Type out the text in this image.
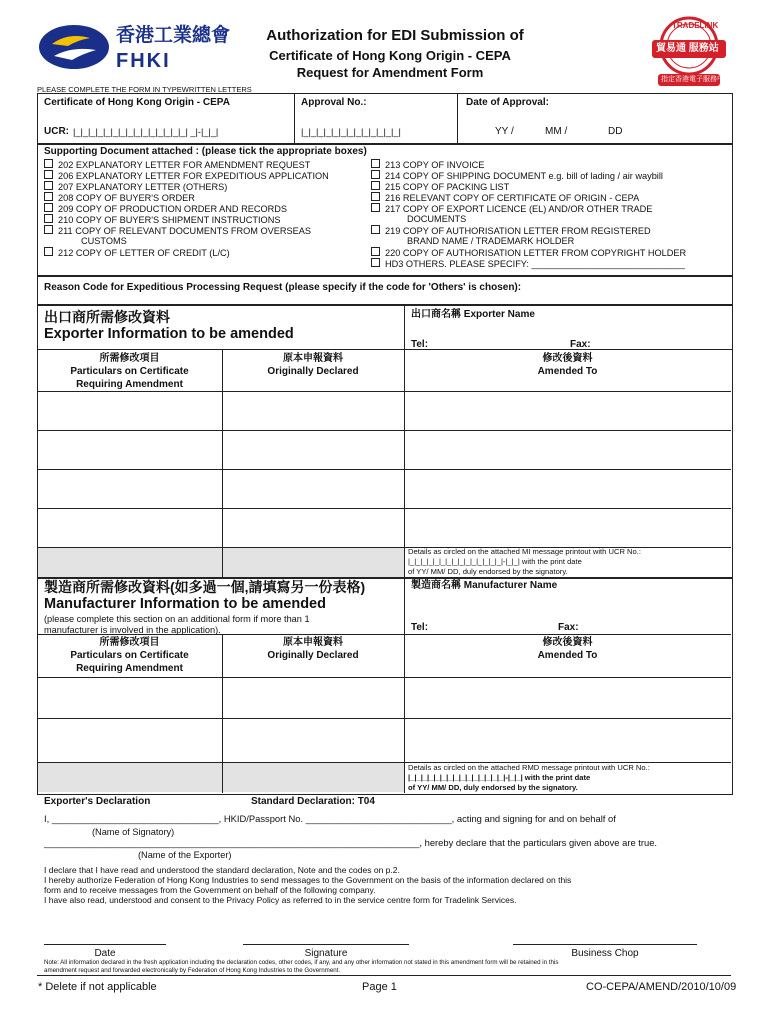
香港工業總會
FHKI
Authorization for EDI Submission of
Certificate of Hong Kong Origin - CEPA
Request for Amendment Form
TRADELINK
貿易通 服務站
指定香港電子服務中心
PLEASE COMPLETE THE FORM IN TYPEWRITTEN LETTERS
Certificate of Hong Kong Origin - CEPA	Approval No.:	Date of Approval:
UCR: |_|_|_|_|_|_|_|_|_|_|_|_|_|_|_| _|-|_|_|	|_|_|_|_|_|_|_|_|_|_|_|_|_|	YY /	MM /	DD
Supporting Document attached : (please tick the appropriate boxes)
202 EXPLANATORY LETTER FOR AMENDMENT REQUEST
206 EXPLANATORY LETTER FOR EXPEDITIOUS APPLICATION
207 EXPLANATORY LETTER (OTHERS)
208 COPY OF BUYER'S ORDER
209 COPY OF PRODUCTION ORDER AND RECORDS
210 COPY OF BUYER'S SHIPMENT INSTRUCTIONS
211 COPY OF RELEVANT DOCUMENTS FROM OVERSEAS
CUSTOMS
212 COPY OF LETTER OF CREDIT (L/C)
213 COPY OF INVOICE
214 COPY OF SHIPPING DOCUMENT e.g. bill of lading / air waybill
215 COPY OF PACKING LIST
216 RELEVANT COPY OF CERTIFICATE OF ORIGIN - CEPA
217 COPY OF EXPORT LICENCE (EL) AND/OR OTHER TRADE
DOCUMENTS
219 COPY OF AUTHORISATION LETTER FROM REGISTERED
BRAND NAME / TRADEMARK HOLDER
220 COPY OF AUTHORISATION LETTER FROM COPYRIGHT HOLDER
HD3 OTHERS. PLEASE SPECIFY: ______________________________
Reason Code for Expeditious Processing Request (please specify if the code for 'Others' is chosen):
出口商所需修改資料
Exporter Information to be amended
出口商名稱 Exporter Name
Tel:	Fax:
所需修改項目
Particulars on Certificate
Requiring Amendment
原本申報資料
Originally Declared
修改後資料
Amended To
Details as circled on the attached MI message printout with UCR No.:
|_|_|_|_|_|_|_|_|_|_|_|_|_|_|_|-|_|_| with the print date
of YY/ MM/ DD, duly endorsed by the signatory.
製造商所需修改資料(如多過一個,請填寫另一份表格)
Manufacturer Information to be amended
(please complete this section on an additional form if more than 1
manufacturer is involved in the application).
製造商名稱 Manufacturer Name
Tel:	Fax:
所需修改項目
Particulars on Certificate
Requiring Amendment
原本申報資料
Originally Declared
修改後資料
Amended To
Details as circled on the attached RMD message printout with UCR No.:
|_|_|_|_|_|_|_|_|_|_|_|_|_|_|_|-|_|_| with the print date
of YY/ MM/ DD, duly endorsed by the signatory.
Exporter's Declaration	Standard Declaration: T04
I, ________________________________, HKID/Passport No. ____________________________, acting and signing for and on behalf of
(Name of Signatory)
________________________________________________________________________, hereby declare that the particulars given above are true.
(Name of the Exporter)
I declare that I have read and understood the standard declaration, Note and the codes on p.2.
I hereby authorize Federation of Hong Kong Industries to send messages to the Government on the basis of the information declared on this
form and to receive messages from the Government on behalf of the following company.
I have also read, understood and consent to the Privacy Policy as referred to in the service centre form for Tradelink Services.
Date	Signature	Business Chop
Note: All information declared in the fresh application including the declaration codes, other codes, if any, and any other information not stated in this amendment form will be retained in this
amendment request and forwarded electronically by Federation of Hong Kong Industries to the Government.
* Delete if not applicable	Page 1	CO-CEPA/AMEND/2010/10/09
